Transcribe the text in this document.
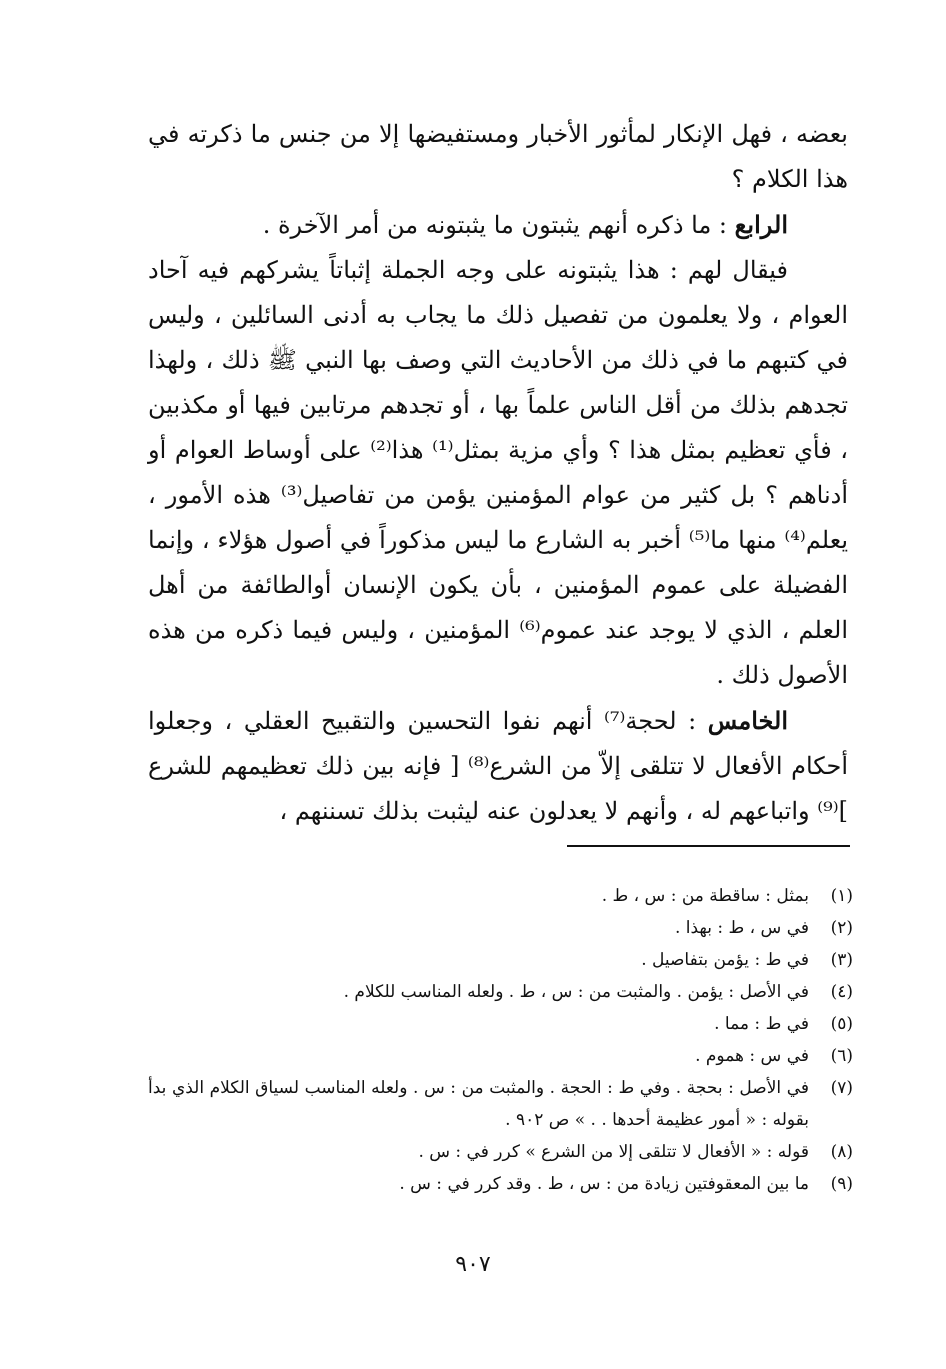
بعضه ، فهل الإنكار لمأثور الأخبار ومستفيضها إلا من جنس ما ذكرته في هذا الكلام ؟

الرابع : ما ذكره أنهم يثبتون ما يثبتونه من أمر الآخرة .

فيقال لهم : هذا يثبتونه على وجه الجملة إثباتاً يشركهم فيه آحاد العوام ، ولا يعلمون من تفصيل ذلك ما يجاب به أدنى السائلين ، وليس في كتبهم ما في ذلك من الأحاديث التي وصف بها النبي ﷺ ذلك ، ولهذا تجدهم بذلك من أقل الناس علماً بها ، أو تجدهم مرتابين فيها أو مكذبين ، فأي تعظيم بمثل هذا ؟ وأي مزية بمثل⁽¹⁾ هذا⁽²⁾ على أوساط العوام أو أدناهم ؟ بل كثير من عوام المؤمنين يؤمن من تفاصيل⁽³⁾ هذه الأمور ، يعلم⁽⁴⁾ منها ما⁽⁵⁾ أخبر به الشارع ما ليس مذكوراً في أصول هؤلاء ، وإنما الفضيلة على عموم المؤمنين ، بأن يكون الإنسان أوالطائفة من أهل العلم ، الذي لا يوجد عند عموم⁽⁶⁾ المؤمنين ، وليس فيما ذكره من هذه الأصول ذلك .

الخامس : لحجة⁽⁷⁾ أنهم نفوا التحسين والتقبيح العقلي ، وجعلوا أحكام الأفعال لا تتلقى إلاّ من الشرع⁽⁸⁾ [ فإنه بين ذلك تعظيمهم للشرع ]⁽⁹⁾ واتباعهم له ، وأنهم لا يعدلون عنه ليثبت بذلك تسننهم ،

(١)
بمثل : ساقطة من : س ، ط .
(٢)
في س ، ط : بهذا .
(٣)
في ط : يؤمن بتفاصيل .
(٤)
في الأصل : يؤمن . والمثبت من : س ، ط . ولعله المناسب للكلام .
(٥)
في ط : مما .
(٦)
في س : هموم .
(٧)
في الأصل : بحجة . وفي ط : الحجة . والمثبت من : س . ولعله المناسب لسياق الكلام الذي بدأ بقوله : « أمور عظيمة أحدها . . » ص ٩٠٢ .
(٨)
قوله : « الأفعال لا تتلقى إلا من الشرع » كرر في : س .
(٩)
ما بين المعقوفتين زيادة من : س ، ط . وقد كرر في : س .
٩٠٧
